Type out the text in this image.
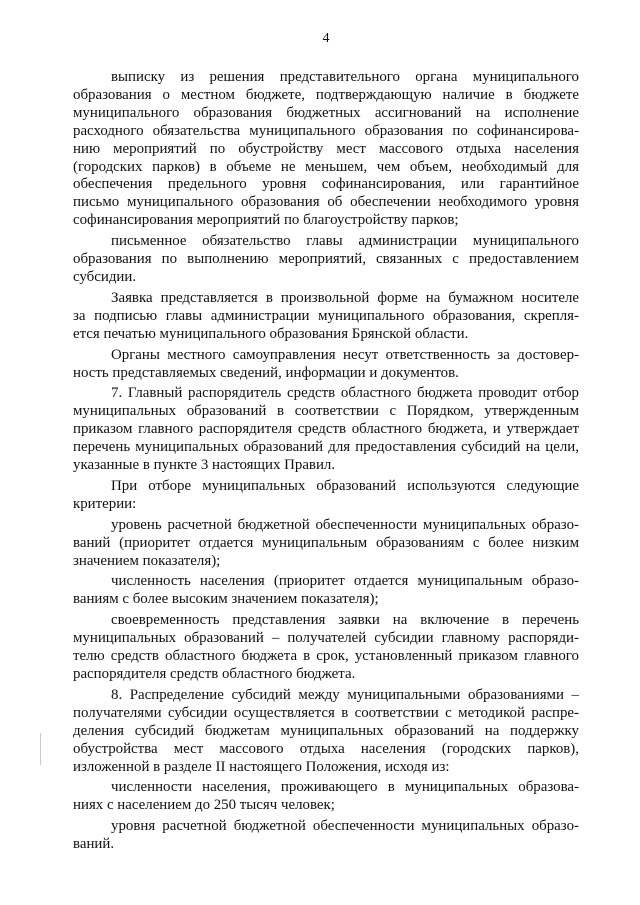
4
выписку из решения представительного органа муниципального
образования о местном бюджете, подтверждающую наличие в бюджете
муниципального образования бюджетных ассигнований на исполнение
расходного обязательства муниципального образования по софинансирова-
нию мероприятий по обустройству мест массового отдыха населения
(городских парков) в объеме не меньшем, чем объем, необходимый для
обеспечения предельного уровня софинансирования, или гарантийное
письмо муниципального образования об обеспечении необходимого уровня
софинансирования мероприятий по благоустройству парков;
письменное обязательство главы администрации муниципального
образования по выполнению мероприятий, связанных с предоставлением
субсидии.
Заявка представляется в произвольной форме на бумажном носителе
за подписью главы администрации муниципального образования, скрепля-
ется печатью муниципального образования Брянской области.
Органы местного самоуправления несут ответственность за достовер-
ность представляемых сведений, информации и документов.
7. Главный распорядитель средств областного бюджета проводит отбор
муниципальных образований в соответствии с Порядком, утвержденным
приказом главного распорядителя средств областного бюджета, и утверждает
перечень муниципальных образований для предоставления субсидий на цели,
указанные в пункте 3 настоящих Правил.
При отборе муниципальных образований используются следующие
критерии:
уровень расчетной бюджетной обеспеченности муниципальных образо-
ваний (приоритет отдается муниципальным образованиям с более низким
значением показателя);
численность населения (приоритет отдается муниципальным образо-
ваниям с более высоким значением показателя);
своевременность представления заявки на включение в перечень
муниципальных образований – получателей субсидии главному распоряди-
телю средств областного бюджета в срок, установленный приказом главного
распорядителя средств областного бюджета.
8. Распределение субсидий между муниципальными образованиями –
получателями субсидии осуществляется в соответствии с методикой распре-
деления субсидий бюджетам муниципальных образований на поддержку
обустройства мест массового отдыха населения (городских парков),
изложенной в разделе II настоящего Положения, исходя из:
численности населения, проживающего в муниципальных образова-
ниях с населением до 250 тысяч человек;
уровня расчетной бюджетной обеспеченности муниципальных образо-
ваний.
